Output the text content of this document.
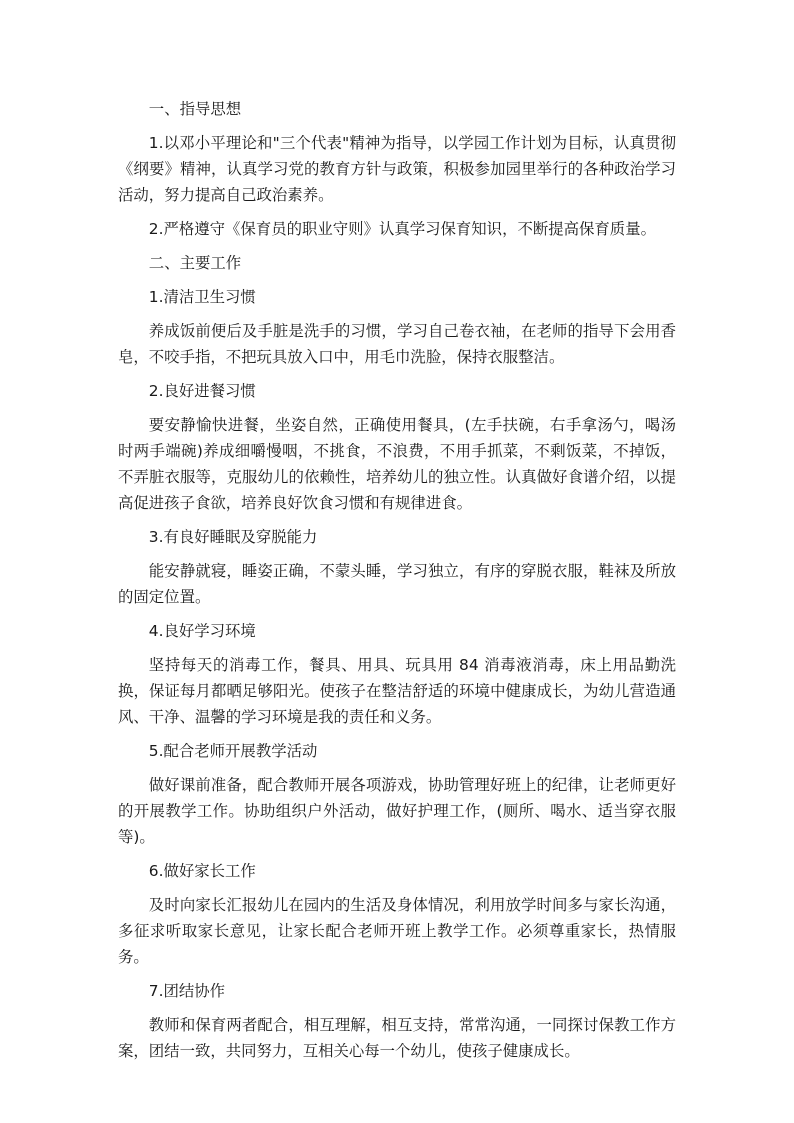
一、指导思想

1.以邓小平理论和"三个代表"精神为指导，以学园工作计划为目标，认真贯彻《纲要》精神，认真学习党的教育方针与政策，积极参加园里举行的各种政治学习活动，努力提高自己政治素养。

2.严格遵守《保育员的职业守则》认真学习保育知识，不断提高保育质量。

二、主要工作

1.清洁卫生习惯

养成饭前便后及手脏是洗手的习惯，学习自己卷衣袖，在老师的指导下会用香皂，不咬手指，不把玩具放入口中，用毛巾洗脸，保持衣服整洁。

2.良好进餐习惯

要安静愉快进餐，坐姿自然，正确使用餐具，(左手扶碗，右手拿汤勺，喝汤时两手端碗)养成细嚼慢咽，不挑食，不浪费，不用手抓菜，不剩饭菜，不掉饭，不弄脏衣服等，克服幼儿的依赖性，培养幼儿的独立性。认真做好食谱介绍，以提高促进孩子食欲，培养良好饮食习惯和有规律进食。

3.有良好睡眠及穿脱能力

能安静就寝，睡姿正确，不蒙头睡，学习独立，有序的穿脱衣服，鞋袜及所放的固定位置。

4.良好学习环境

坚持每天的消毒工作，餐具、用具、玩具用 84 消毒液消毒，床上用品勤洗换，保证每月都晒足够阳光。使孩子在整洁舒适的环境中健康成长，为幼儿营造通风、干净、温馨的学习环境是我的责任和义务。

5.配合老师开展教学活动

做好课前准备，配合教师开展各项游戏，协助管理好班上的纪律，让老师更好的开展教学工作。协助组织户外活动，做好护理工作，(厕所、喝水、适当穿衣服等)。

6.做好家长工作

及时向家长汇报幼儿在园内的生活及身体情况，利用放学时间多与家长沟通，多征求听取家长意见，让家长配合老师开班上教学工作。必须尊重家长，热情服务。

7.团结协作

教师和保育两者配合，相互理解，相互支持，常常沟通，一同探讨保教工作方案，团结一致，共同努力，互相关心每一个幼儿，使孩子健康成长。
